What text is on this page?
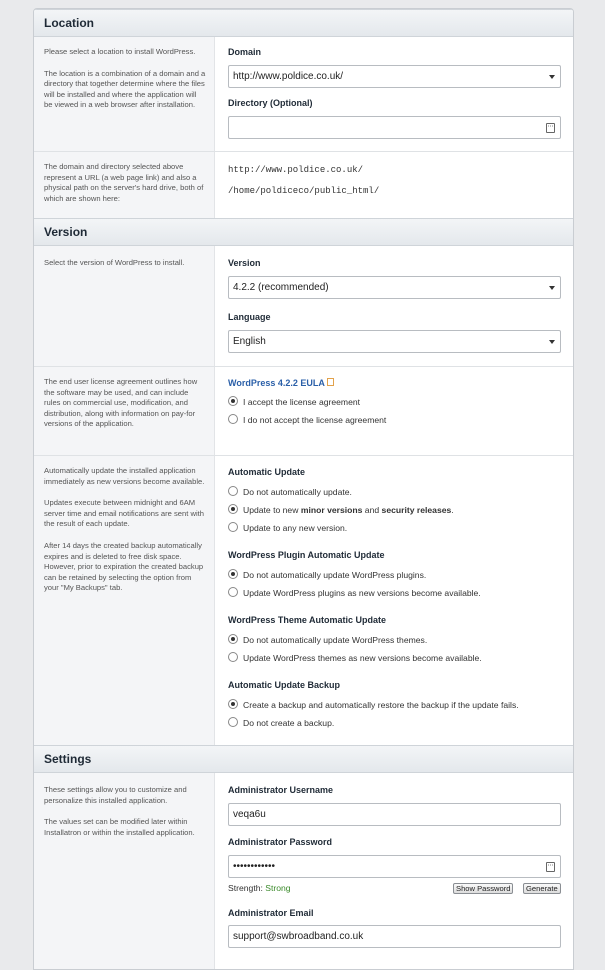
Location

Please select a location to install WordPress.

The location is a combination of a domain and a directory that together determine where the files will be installed and where the application will be viewed in a web browser after installation.

Domain
http://www.poldice.co.uk/
Directory (Optional)
⋯

The domain and directory selected above represent a URL (a web page link) and also a physical path on the server's hard drive, both of which are shown here:

http://www.poldice.co.uk/
/home/poldiceco/public_html/
Version

Select the version of WordPress to install.	Version
4.2.2 (recommended)
Language
English

The end user license agreement outlines how the software may be used, and can include rules on commercial use, modification, and distribution, along with information on pay-for versions of the application.

WordPress 4.2.2 EULA
I accept the license agreement
I do not accept the license agreement

Automatically update the installed application immediately as new versions become available.

Updates execute between midnight and 6AM server time and email notifications are sent with the result of each update.

After 14 days the created backup automatically expires and is deleted to free disk space. However, prior to expiration the created backup can be retained by selecting the option from your "My Backups" tab.

Automatic Update
Do not automatically update.
Update to new minor versions and security releases.
Update to any new version.
WordPress Plugin Automatic Update
Do not automatically update WordPress plugins.
Update WordPress plugins as new versions become available.
WordPress Theme Automatic Update
Do not automatically update WordPress themes.
Update WordPress themes as new versions become available.
Automatic Update Backup
Create a backup and automatically restore the backup if the update fails.
Do not create a backup.
Settings

These settings allow you to customize and personalize this installed application.

The values set can be modified later within Installatron or within the installed application.

Administrator Username
veqa6u
Administrator Password
••••••••••••	⋯
Strength: Strong	Show Password	Generate
Administrator Email
support@swbroadband.co.uk
